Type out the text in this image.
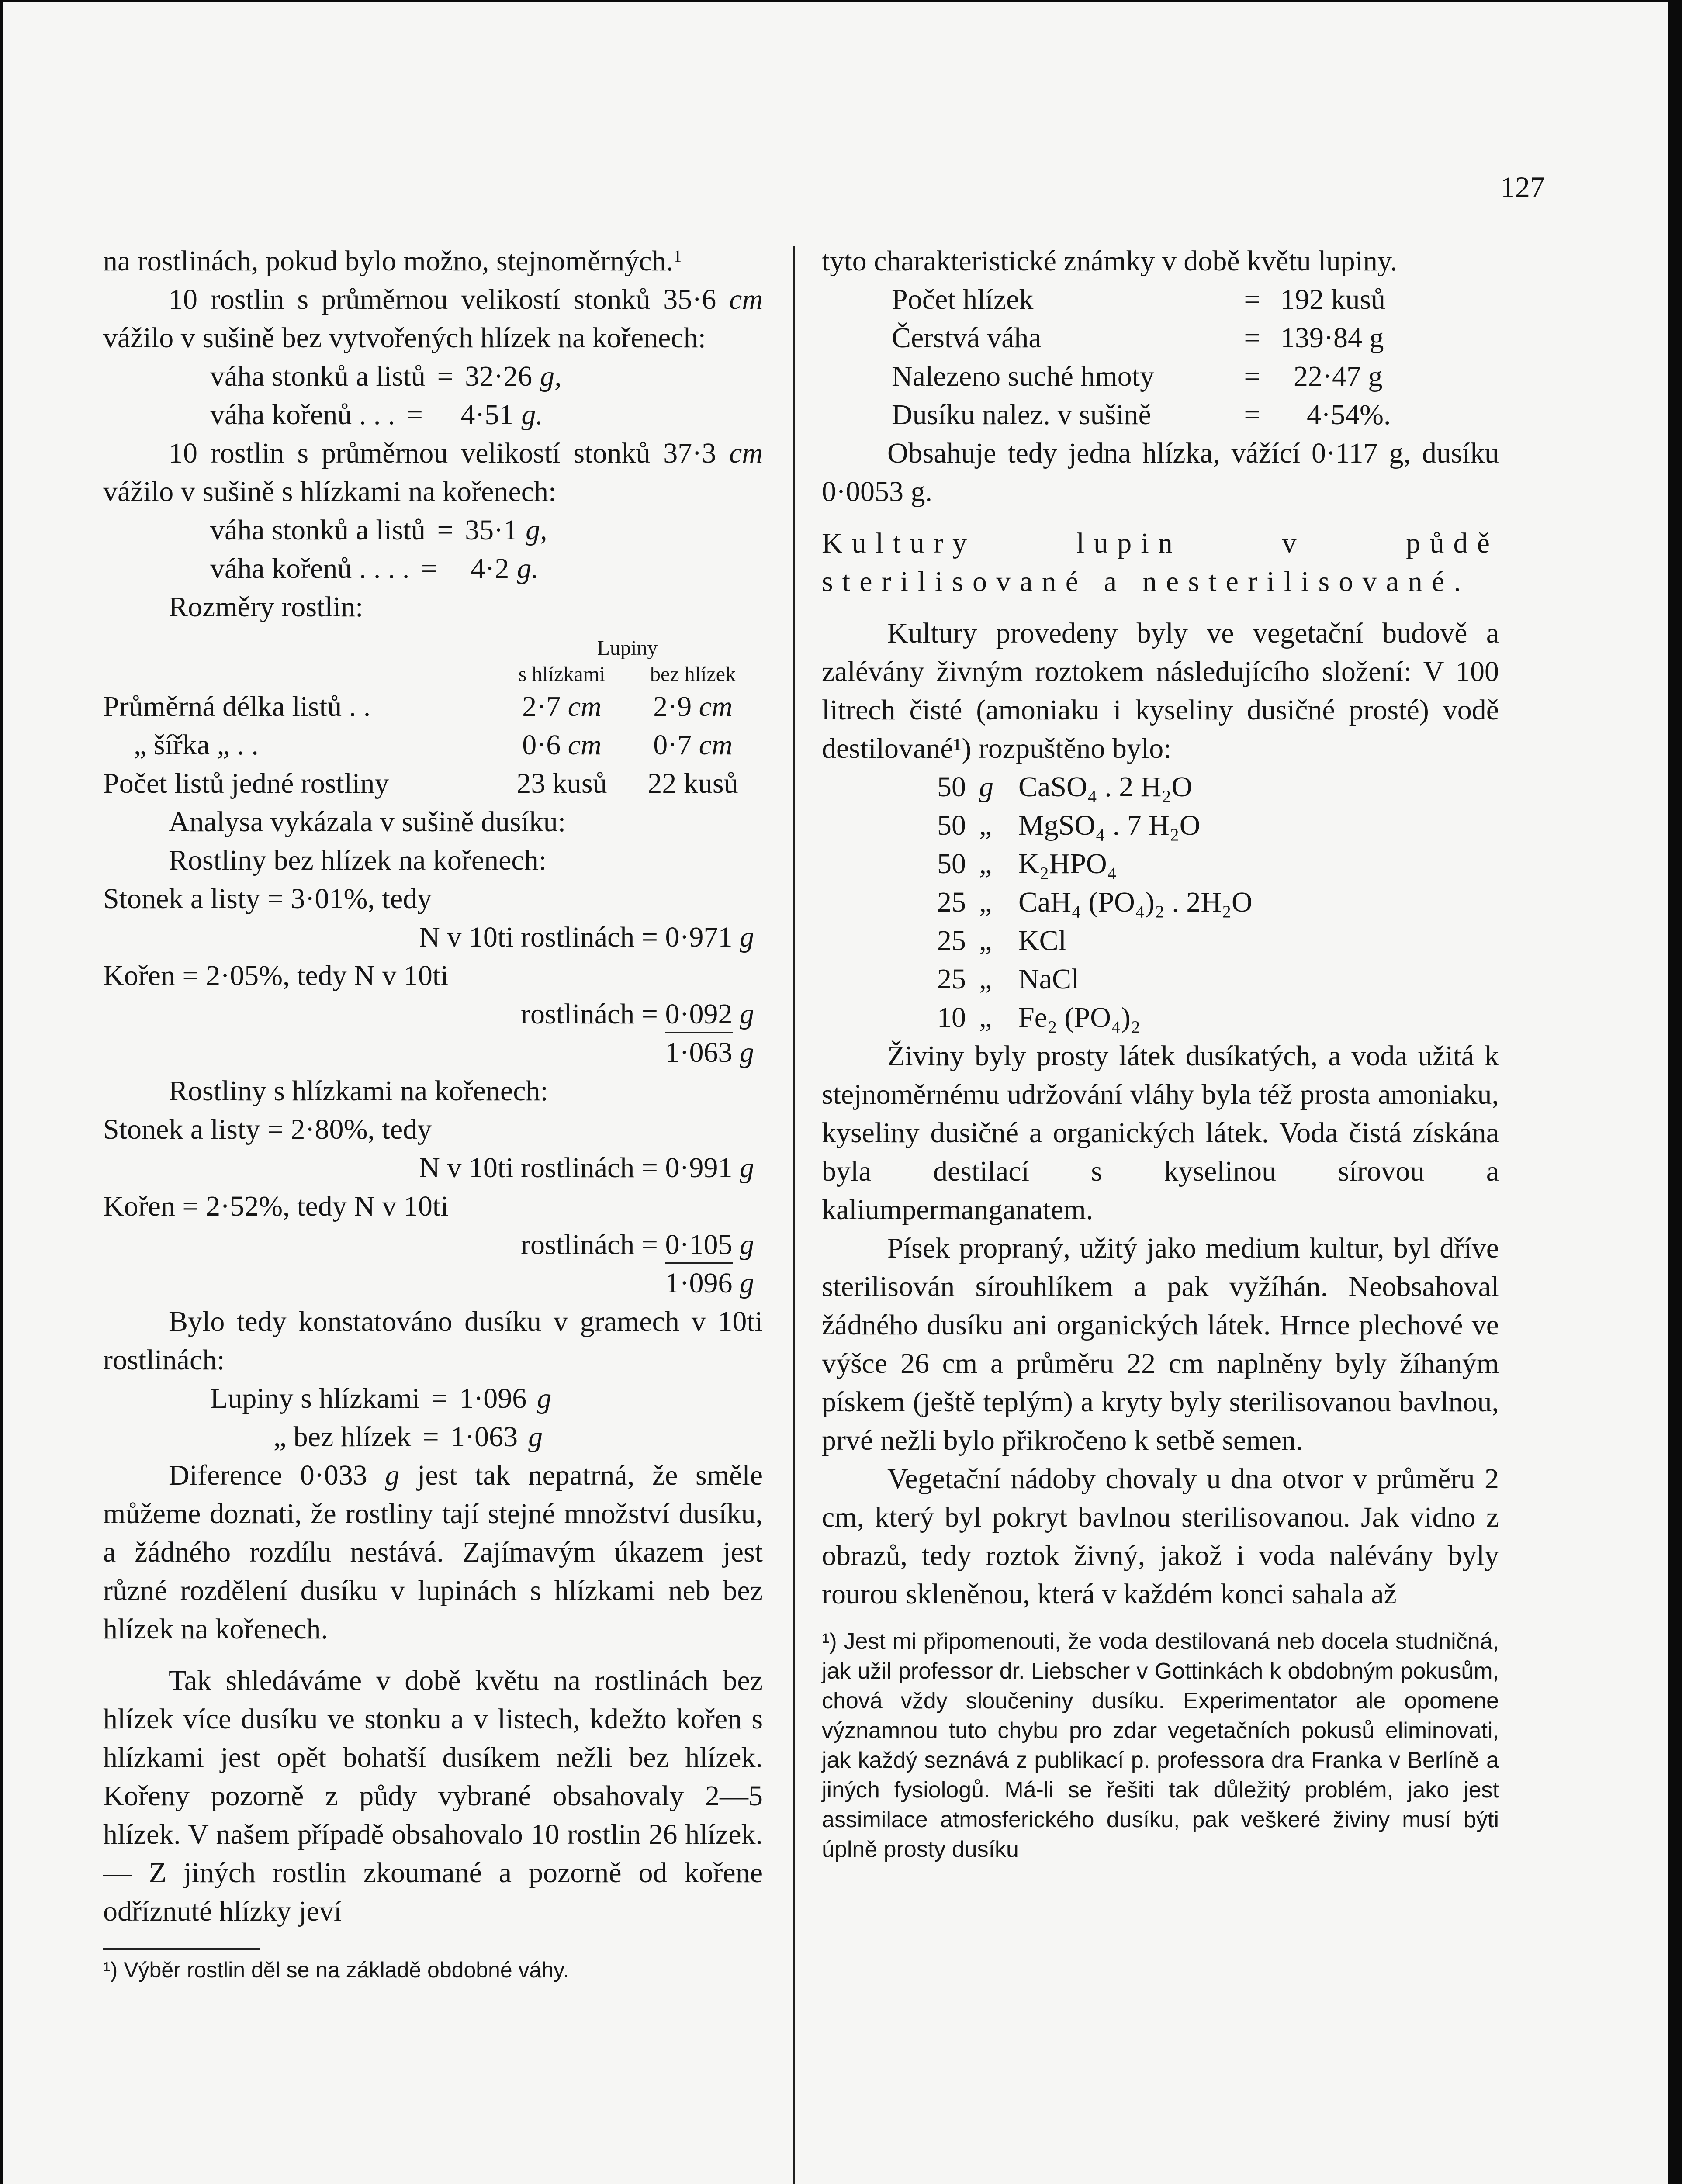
127

na rostlinách, pokud bylo možno, stejnoměrných.$^1$

10 rostlin s průměrnou velikostí stonků 35·6 cm vážilo v sušině bez vytvořených hlízek na kořenech:

váha stonků a listů = 32·26 g,
váha kořenů . . . =	4·51 g.

10 rostlin s průměrnou velikostí stonků 37·3 cm vážilo v sušině s hlízkami na kořenech:

váha stonků a listů = 35·1 g,
váha kořenů . . . . =	4·2 g.
Rozměry rostlin:
Lupiny
s hlízkami	bez hlízek
Průměrná délka listů . .	2·7 cm	2·9 cm
„ šířka „ . .	0·6 cm	0·7 cm
Počet listů jedné rostliny	23 kusů	22 kusů
Analysa vykázala v sušině dusíku:
Rostliny bez hlízek na kořenech:
Stonek a listy = 3·01%, tedy
N v 10ti rostlinách = 0·971 g
Kořen = 2·05%, tedy N v 10ti
rostlinách = 0·092 g
1·063 g
Rostliny s hlízkami na kořenech:
Stonek a listy = 2·80%, tedy
N v 10ti rostlinách = 0·991 g
Kořen = 2·52%, tedy N v 10ti
rostlinách = 0·105 g
1·096 g

Bylo tedy konstatováno dusíku v gramech v 10ti rostlinách:

Lupiny s hlízkami = 1·096 g
„ bez hlízek = 1·063 g

Diference 0·033 g jest tak nepatrná, že směle můžeme doznati, že rostliny tají stejné množství dusíku, a žádného rozdílu nestává. Zajímavým úkazem jest různé rozdělení dusíku v lupinách s hlízkami neb bez hlízek na kořenech.

Tak shledáváme v době květu na rostlinách bez hlízek více dusíku ve stonku a v listech, kdežto kořen s hlízkami jest opět bohatší dusíkem nežli bez hlízek. Kořeny pozorně z půdy vybrané obsahovaly 2—5 hlízek. V našem případě obsahovalo 10 rostlin 26 hlízek. — Z jiných rostlin zkoumané a pozorně od kořene odříznuté hlízky jeví

¹) Výběr rostlin děl se na základě obdobné váhy.

tyto charakteristické známky v době květu lupiny.

Počet hlízek	= 192 kusů
Čerstvá váha	= 139·84 g
Nalezeno suché hmoty	=	22·47 g
Dusíku nalez. v sušině	=	4·54%.

Obsahuje tedy jedna hlízka, vážící 0·117 g, dusíku 0·0053 g.

Kultury lupin v půdě sterilisované a nesterilisované.

Kultury provedeny byly ve vegetační budově a zalévány živným roztokem následujícího složení: V 100 litrech čisté (amoniaku i kyseliny dusičné prosté) vodě destilované¹) rozpuštěno bylo:

50 g CaSO₄ . 2 H₂O
50 „ MgSO₄ . 7 H₂O
50 „ K₂HPO₄
25 „ CaH₄ (PO₄)₂ . 2H₂O
25 „ KCl
25 „ NaCl
10 „ Fe₂ (PO₄)₂

Živiny byly prosty látek dusíkatých, a voda užitá k stejnoměrnému udržování vláhy byla též prosta amoniaku, kyseliny dusičné a organických látek. Voda čistá získána byla destilací s kyselinou sírovou a kaliumpermanganatem.

Písek propraný, užitý jako medium kultur, byl dříve sterilisován sírouhlíkem a pak vyžíhán. Neobsahoval žádného dusíku ani organických látek. Hrnce plechové ve výšce 26 cm a průměru 22 cm naplněny byly žíhaným pískem (ještě teplým) a kryty byly sterilisovanou bavlnou, prvé nežli bylo přikročeno k setbě semen.

Vegetační nádoby chovaly u dna otvor v průměru 2 cm, který byl pokryt bavlnou sterilisovanou. Jak vidno z obrazů, tedy roztok živný, jakož i voda nalévány byly rourou skleněnou, která v každém konci sahala až

¹) Jest mi připomenouti, že voda destilovaná neb docela studničná, jak užil professor dr. Liebscher v Gottinkách k obdobným pokusům, chová vždy sloučeniny dusíku. Experimentator ale opomene významnou tuto chybu pro zdar vegetačních pokusů eliminovati, jak každý seznává z publikací p. professora dra Franka v Berlíně a jiných fysiologů. Má-li se řešiti tak důležitý problém, jako jest assimilace atmosferického dusíku, pak veškeré živiny musí býti úplně prosty dusíku
